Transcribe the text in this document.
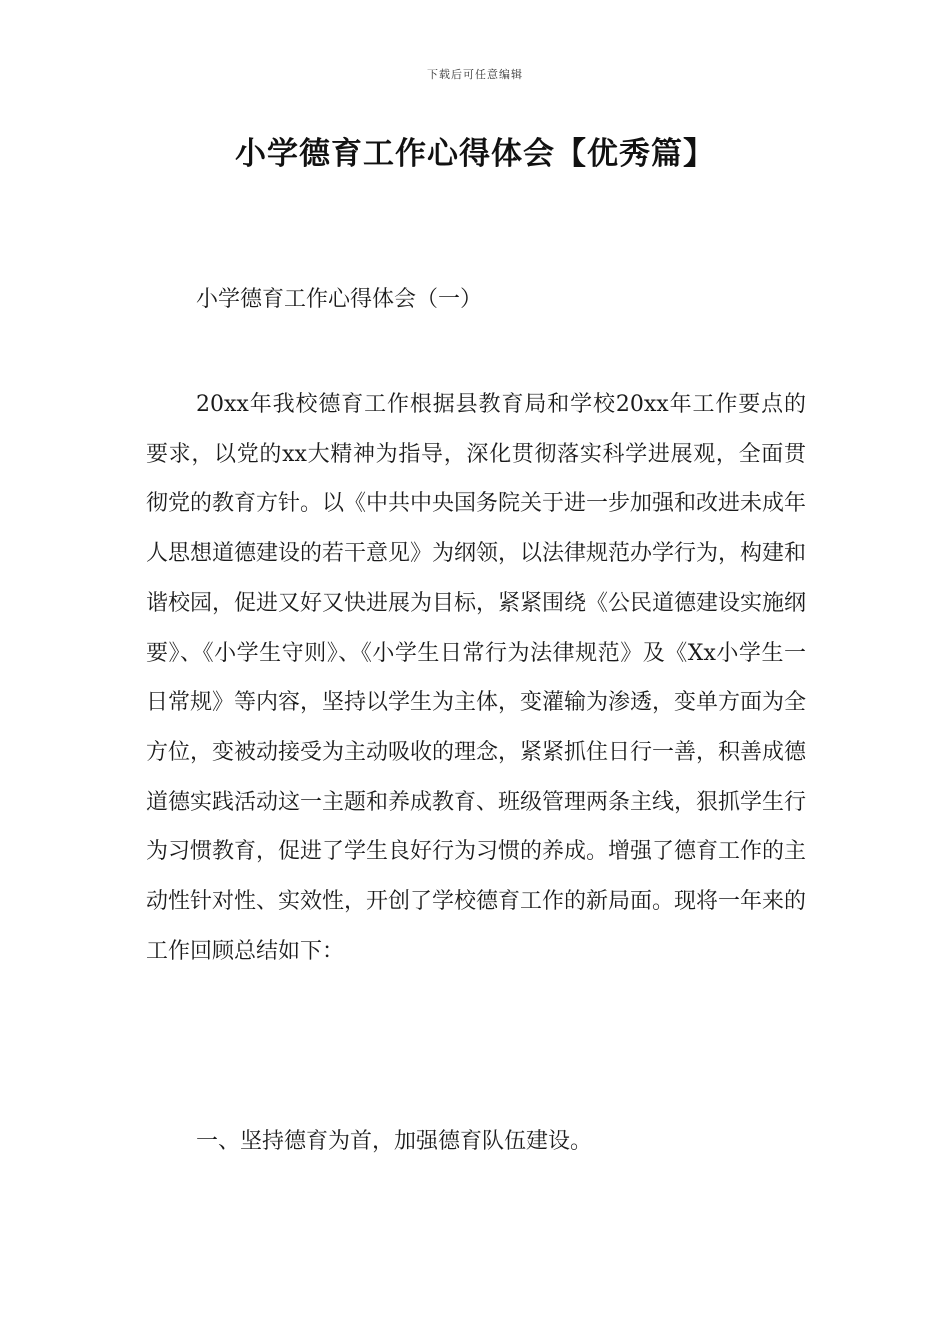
下载后可任意编辑
小学德育工作心得体会【优秀篇】

小学德育工作心得体会（一）

20xx年我校德育工作根据县教育局和学校20xx年工作要点的要求，以党的xx大精神为指导，深化贯彻落实科学进展观，全面贯彻党的教育方针。以《中共中央国务院关于进一步加强和改进未成年人思想道德建设的若干意见》为纲领，以法律规范办学行为，构建和谐校园，促进又好又快进展为目标，紧紧围绕《公民道德建设实施纲要》、《小学生守则》、《小学生日常行为法律规范》及《Xx小学生一日常规》等内容，坚持以学生为主体，变灌输为渗透，变单方面为全方位，变被动接受为主动吸收的理念，紧紧抓住日行一善，积善成德道德实践活动这一主题和养成教育、班级管理两条主线，狠抓学生行为习惯教育，促进了学生良好行为习惯的养成。增强了德育工作的主动性针对性、实效性，开创了学校德育工作的新局面。现将一年来的工作回顾总结如下：

一、坚持德育为首，加强德育队伍建设。
